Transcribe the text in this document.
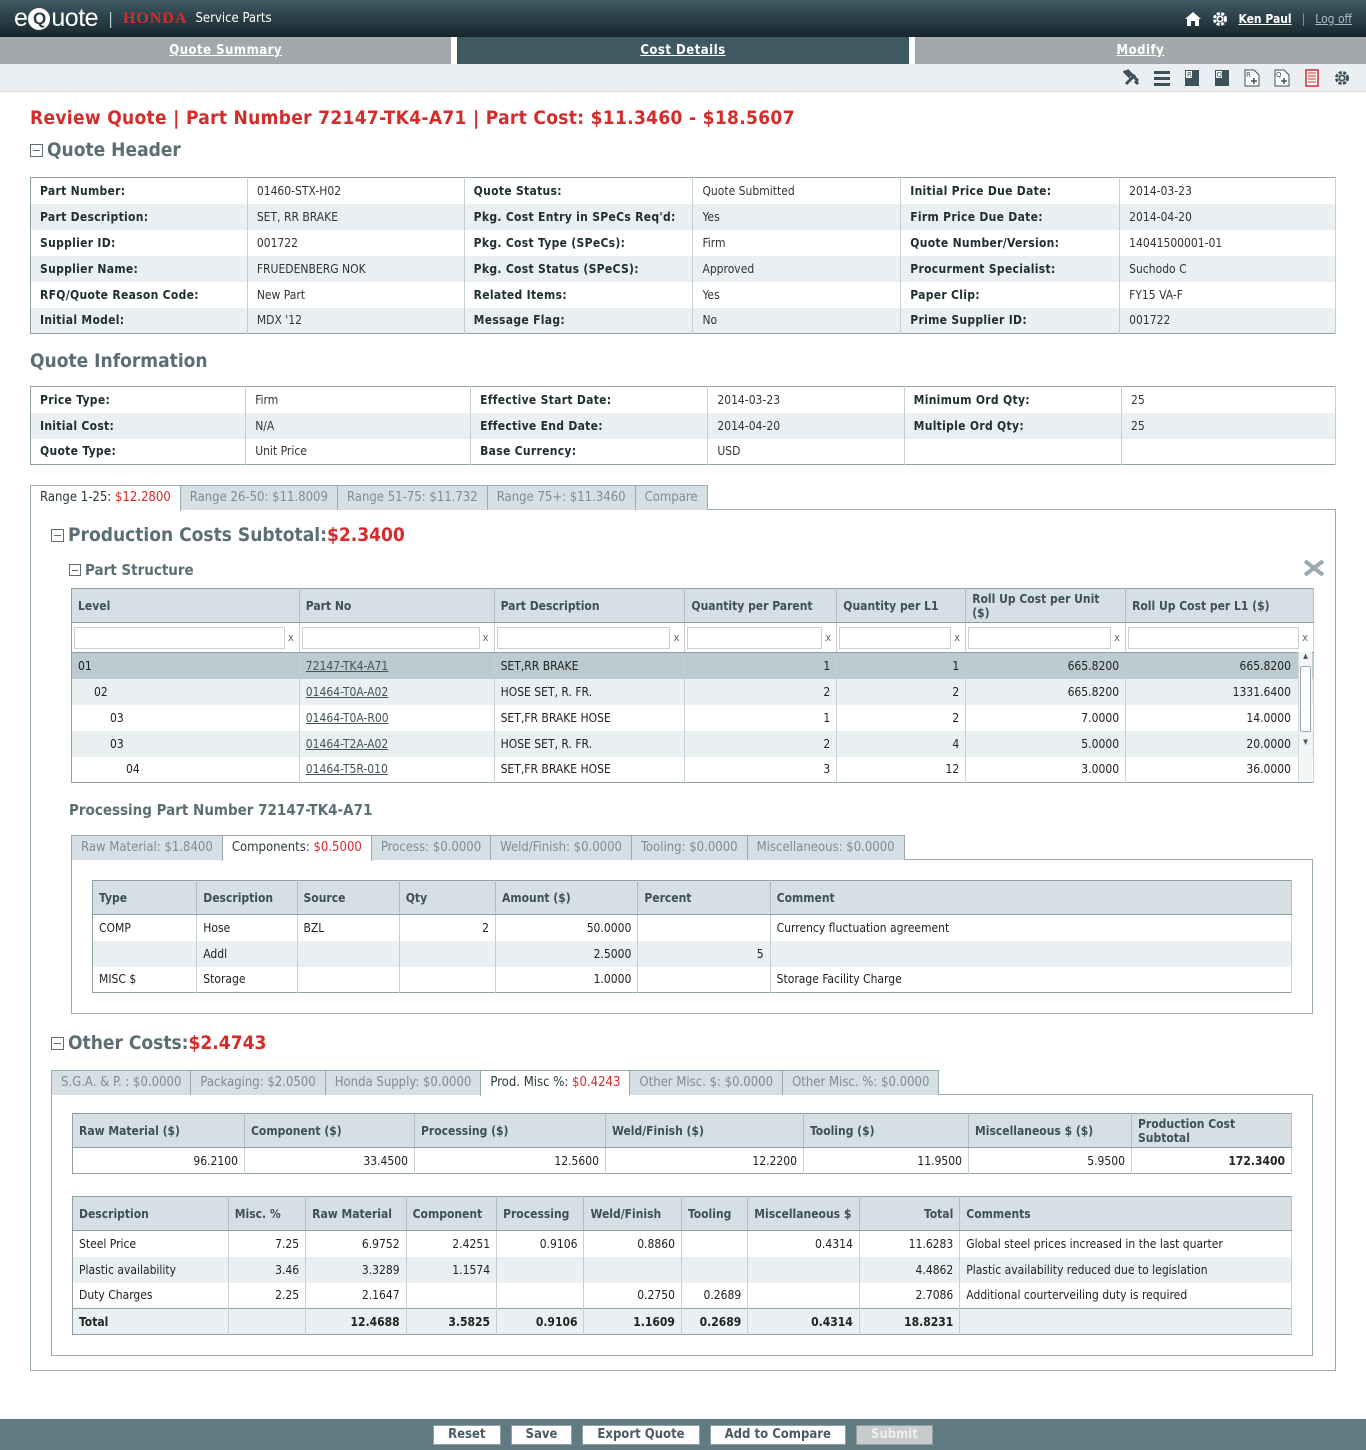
e Q uote | HONDA Service Parts	Ken Paul | Log off
Quote Summary	Cost Details	Modify
R	Q	R	Q
Review Quote | Part Number 72147-TK4-A71 | Part Cost: $11.3460 - $18.5607
Quote Header
Part Number:	01460-STX-H02	Quote Status:	Quote Submitted	Initial Price Due Date:	2014-03-23
Part Description:	SET, RR BRAKE	Pkg. Cost Entry in SPeCs Req'd:	Yes	Firm Price Due Date:	2014-04-20
Supplier ID:	001722	Pkg. Cost Type (SPeCs):	Firm	Quote Number/Version:	14041500001-01
Supplier Name:	FRUEDENBERG NOK	Pkg. Cost Status (SPeCS):	Approved	Procurment Specialist:	Suchodo C
RFQ/Quote Reason Code:	New Part	Related Items:	Yes	Paper Clip:	FY15 VA-F
Initial Model:	MDX '12	Message Flag:	No	Prime Supplier ID:	001722
Quote Information
Price Type:	Firm	Effective Start Date:	2014-03-23	Minimum Ord Qty:	25
Initial Cost:	N/A	Effective End Date:	2014-04-20	Multiple Ord Qty:	25
Quote Type:	Unit Price	Base Currency:	USD		
Range 1-25: $12.2800	Range 26-50: $11.8009	Range 51-75: $11.732	Range 75+: $11.3460	Compare
Production Costs Subtotal: $2.3400
Part Structure
Level	Part No	Part Description	Quantity per Parent	Quantity per L1	Roll Up Cost per Unit ($)	Roll Up Cost per L1 ($)

x	x	x	x	x	x	x

01	72147-TK4-A71	SET,RR BRAKE	1	1	665.8200	665.8200
02	01464-T0A-A02	HOSE SET, R. FR.	2	2	665.8200	1331.6400
03	01464-T0A-R00	SET,FR BRAKE HOSE	1	2	7.0000	14.0000
03	01464-T2A-A02	HOSE SET, R. FR.	2	4	5.0000	20.0000
04	01464-T5R-010	SET,FR BRAKE HOSE	3	12	3.0000	36.0000
Processing Part Number 72147-TK4-A71
Raw Material: $1.8400	Components: $0.5000	Process: $0.0000	Weld/Finish: $0.0000	Tooling: $0.0000	Miscellaneous: $0.0000
Type	Description	Source	Qty	Amount ($)	Percent	Comment
COMP	Hose	BZL	2	50.0000		Currency fluctuation agreement
	Addl			2.5000	5	
MISC $	Storage			1.0000		Storage Facility Charge
Other Costs: $2.4743
S.G.A. & P. : $0.0000	Packaging: $2.0500	Honda Supply: $0.0000	Prod. Misc %: $0.4243	Other Misc. $: $0.0000	Other Misc. %: $0.0000
Raw Material ($)	Component ($)	Processing ($)	Weld/Finish ($)	Tooling ($)	Miscellaneous $ ($)	Production Cost Subtotal
96.2100	33.4500	12.5600	12.2200	11.9500	5.9500	172.3400
Description	Misc. %	Raw Material	Component	Processing	Weld/Finish	Tooling	Miscellaneous $	Total	Comments
Steel Price	7.25	6.9752	2.4251	0.9106	0.8860		0.4314	11.6283	Global steel prices increased in the last quarter
Plastic availability	3.46	3.3289	1.1574					4.4862	Plastic availability reduced due to legislation
Duty Charges	2.25	2.1647			0.2750	0.2689		2.7086	Additional courterveiling duty is required
Total		12.4688	3.5825	0.9106	1.1609	0.2689	0.4314	18.8231	
▲
▼
Reset	Save	Export Quote	Add to Compare	Submit
